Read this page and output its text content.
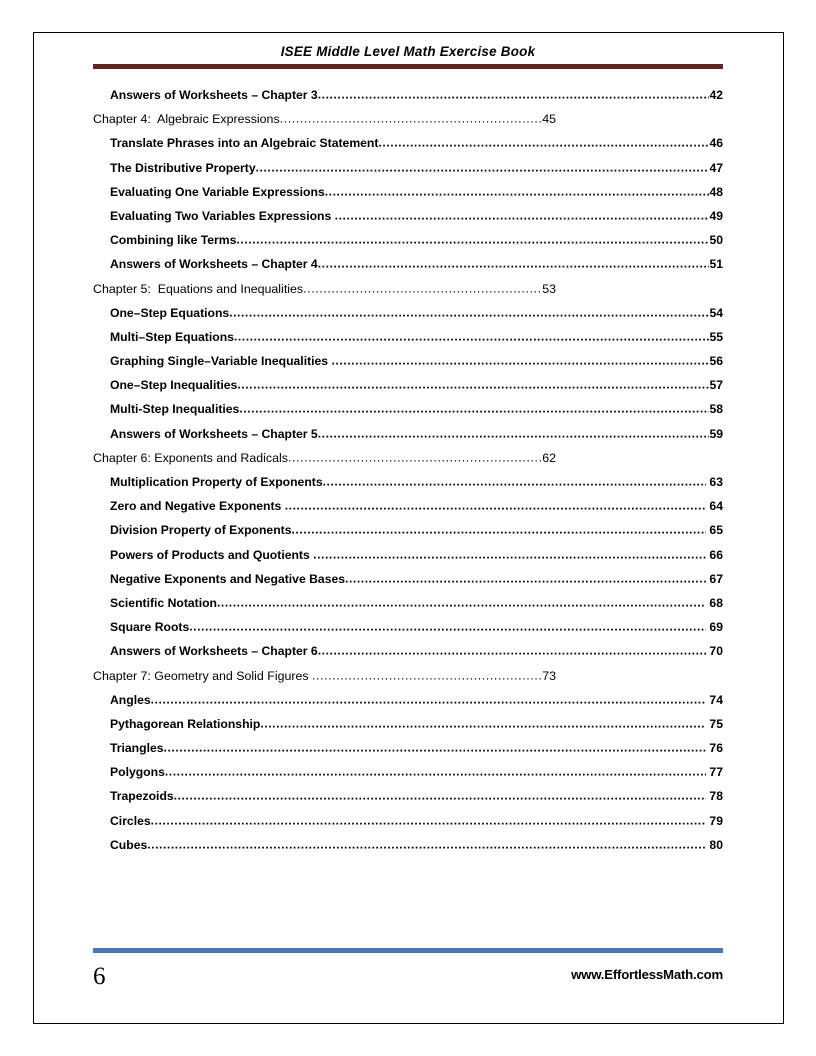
ISEE Middle Level Math Exercise Book
Answers of Worksheets – Chapter 3 .....	42
Chapter 4:  Algebraic Expressions .....	45
Translate Phrases into an Algebraic Statement .....	46
The Distributive Property .....	47
Evaluating One Variable Expressions .....	48
Evaluating Two Variables Expressions .....	49
Combining like Terms .....	50
Answers of Worksheets – Chapter 4 .....	51
Chapter 5:  Equations and Inequalities .....	53
One–Step Equations .....	54
Multi–Step Equations .....	55
Graphing Single–Variable Inequalities .....	56
One–Step Inequalities .....	57
Multi-Step Inequalities .....	58
Answers of Worksheets – Chapter 5 .....	59
Chapter 6: Exponents and Radicals .....	62
Multiplication Property of Exponents .....	63
Zero and Negative Exponents .....	64
Division Property of Exponents .....	65
Powers of Products and Quotients .....	66
Negative Exponents and Negative Bases .....	67
Scientific Notation .....	68
Square Roots .....	69
Answers of Worksheets – Chapter 6 .....	70
Chapter 7: Geometry and Solid Figures .....	73
Angles .....	74
Pythagorean Relationship .....	75
Triangles .....	76
Polygons .....	77
Trapezoids .....	78
Circles .....	79
Cubes .....	80
6	www.EffortlessMath.com
